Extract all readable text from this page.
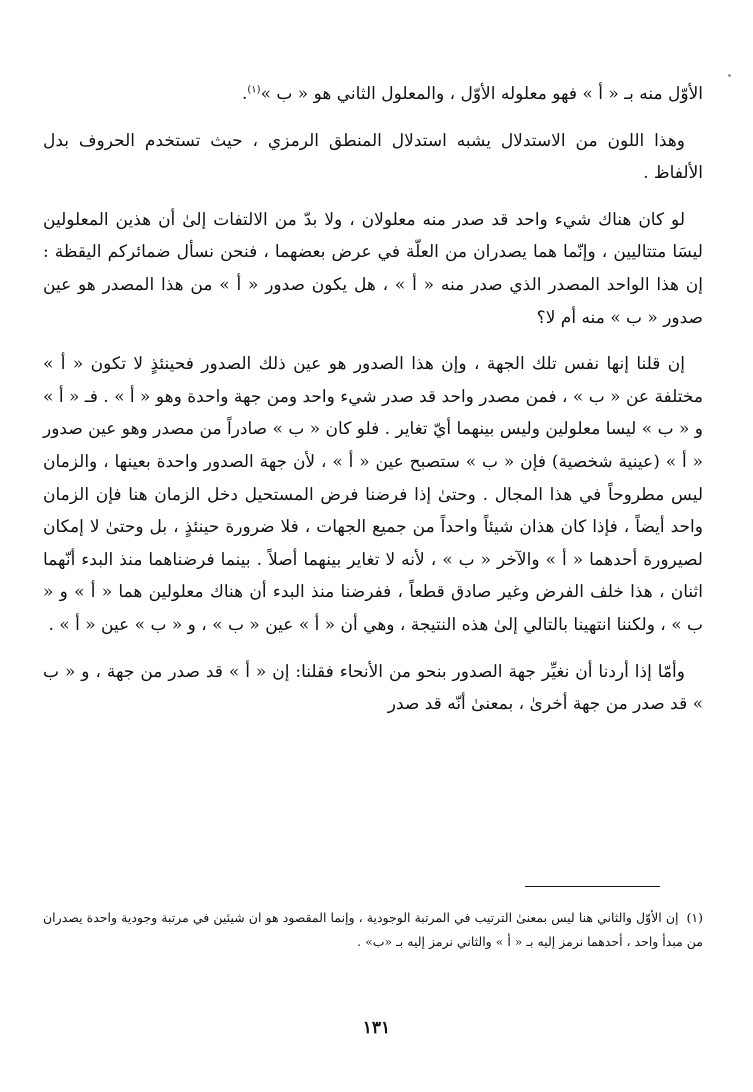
الأوّل منه بـ « أ » فهو معلوله الأوّل ، والمعلول الثاني هو « ب »$^{(١)}$.

وهذا اللون من الاستدلال يشبه استدلال المنطق الرمزي ، حيث تستخدم الحروف بدل الألفاظ .

لو كان هناك شيء واحد قد صدر منه معلولان ، ولا بدّ من الالتفات إلىٰ أن هذين المعلولين ليسَا متتاليين ، وإنّما هما يصدران من العلّة في عرض بعضهما ، فنحن نسأل ضمائركم اليقظة : إن هذا الواحد المصدر الذي صدر منه « أ » ، هل يكون صدور « أ » من هذا المصدر هو عين صدور « ب » منه أم لا؟

إن قلنا إنها نفس تلك الجهة ، وإن هذا الصدور هو عين ذلك الصدور فحينئذٍ لا تكون « أ » مختلفة عن « ب » ، فمن مصدر واحد قد صدر شيء واحد ومن جهة واحدة وهو « أ » . فـ « أ » و « ب » ليسا معلولين وليس بينهما أيّ تغاير . فلو كان « ب » صادراً من مصدر وهو عين صدور « أ » (عينية شخصية) فإن « ب » ستصبح عين « أ » ، لأن جهة الصدور واحدة بعينها ، والزمان ليس مطروحاً في هذا المجال . وحتىٰ إذا فرضنا فرض المستحيل دخل الزمان هنا فإن الزمان واحد أيضاً ، فإذا كان هذان شيئاً واحداً من جميع الجهات ، فلا ضرورة حينئذٍ ، بل وحتىٰ لا إمكان لصيرورة أحدهما « أ » والآخر « ب » ، لأنه لا تغاير بينهما أصلاً . بينما فرضناهما منذ البدء أنّهما اثنان ، هذا خلف الفرض وغير صادق قطعاً ، ففرضنا منذ البدء أن هناك معلولين هما « أ » و « ب » ، ولكننا انتهينا بالتالي إلىٰ هذه النتيجة ، وهي أن « أ » عين « ب » ، و « ب » عين « أ » .

وأمّا إذا أردنا أن نغيِّر جهة الصدور بنحو من الأنحاء فقلنا: إن « أ » قد صدر من جهة ، و « ب » قد صدر من جهة أخرىٰ ، بمعنىٰ أنّه قد صدر

(١)إن الأوّل والثاني هنا ليس بمعنىٰ الترتيب في المرتبة الوجودية ، وإنما المقصود هو ان شيئين في مرتبة وجودية واحدة يصدران من مبدأ واحد ، أحدهما نرمز إليه بـ « أ » والثاني نرمز إليه بـ «ب» .
١٣١
